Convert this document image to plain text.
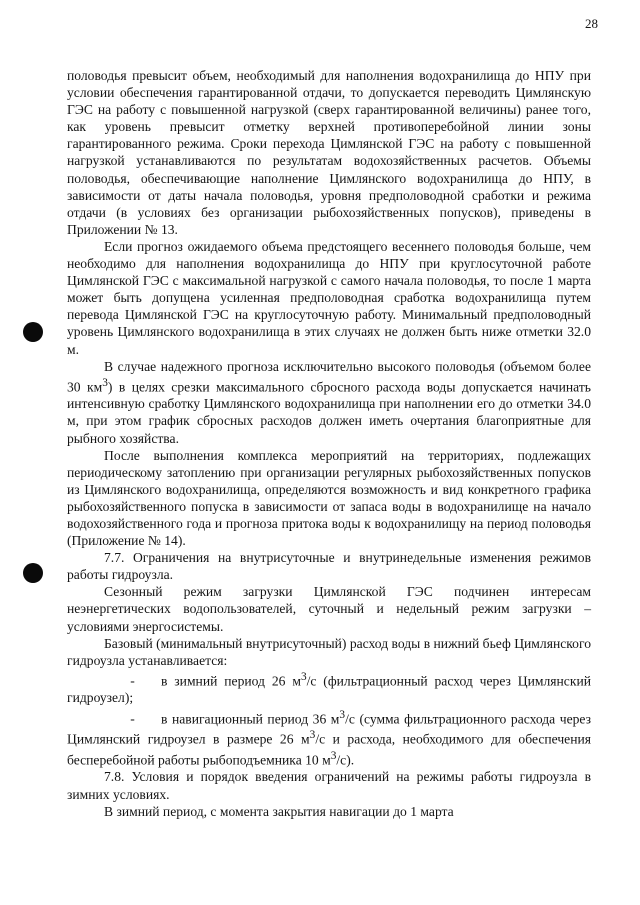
28

половодья превысит объем, необходимый для наполнения водохранилища до НПУ при условии обеспечения гарантированной отдачи, то допускается переводить Цимлянскую ГЭС на работу с повышенной нагрузкой (сверх гарантированной величины) ранее того, как уровень превысит отметку верхней противоперебойной линии зоны гарантированного режима. Сроки перехода Цимлянской ГЭС на работу с повышенной нагрузкой устанавливаются по результатам водохозяйственных расчетов. Объемы половодья, обеспечивающие наполнение Цимлянского водохранилища до НПУ, в зависимости от даты начала половодья, уровня предполоводной сработки и режима отдачи (в условиях без организации рыбохозяйственных попусков), приведены в Приложении № 13.

Если прогноз ожидаемого объема предстоящего весеннего половодья больше, чем необходимо для наполнения водохранилища до НПУ при круглосуточной работе Цимлянской ГЭС с максимальной нагрузкой с самого начала половодья, то после 1 марта может быть допущена усиленная предполоводная сработка водохранилища путем перевода Цимлянской ГЭС на круглосуточную работу. Минимальный предполоводный уровень Цимлянского водохранилища в этих случаях не должен быть ниже отметки 32.0 м.

В случае надежного прогноза исключительно высокого половодья (объемом более 30 $км^3$) в целях срезки максимального сбросного расхода воды допускается начинать интенсивную сработку Цимлянского водохранилища при наполнении его до отметки 34.0 м, при этом график сбросных расходов должен иметь очертания благоприятные для рыбного хозяйства.

После выполнения комплекса мероприятий на территориях, подлежащих периодическому затоплению при организации регулярных рыбохозяйственных попусков из Цимлянского водохранилища, определяются возможность и вид конкретного графика рыбохозяйственного попуска в зависимости от запаса воды в водохранилище на начало водохозяйственного года и прогноза притока воды к водохранилищу на период половодья (Приложение № 14).

7.7. Ограничения на внутрисуточные и внутринедельные изменения режимов работы гидроузла.

Сезонный режим загрузки Цимлянской ГЭС подчинен интересам неэнергетических водопользователей, суточный и недельный режим загрузки – условиями энергосистемы.

Базовый (минимальный внутрисуточный) расход воды в нижний бьеф Цимлянского гидроузла устанавливается:

- в зимний период 26 $м^3/с$ (фильтрационный расход через Цимлянский гидроузел);

- в навигационный период 36 $м^3/с$ (сумма фильтрационного расхода через Цимлянский гидроузел в размере 26 $м^3/с$ и расхода, необходимого для обеспечения бесперебойной работы рыбоподъемника 10 $м^3/с$).

7.8. Условия и порядок введения ограничений на режимы работы гидроузла в зимних условиях.

В зимний период, с момента закрытия навигации до 1 марта
